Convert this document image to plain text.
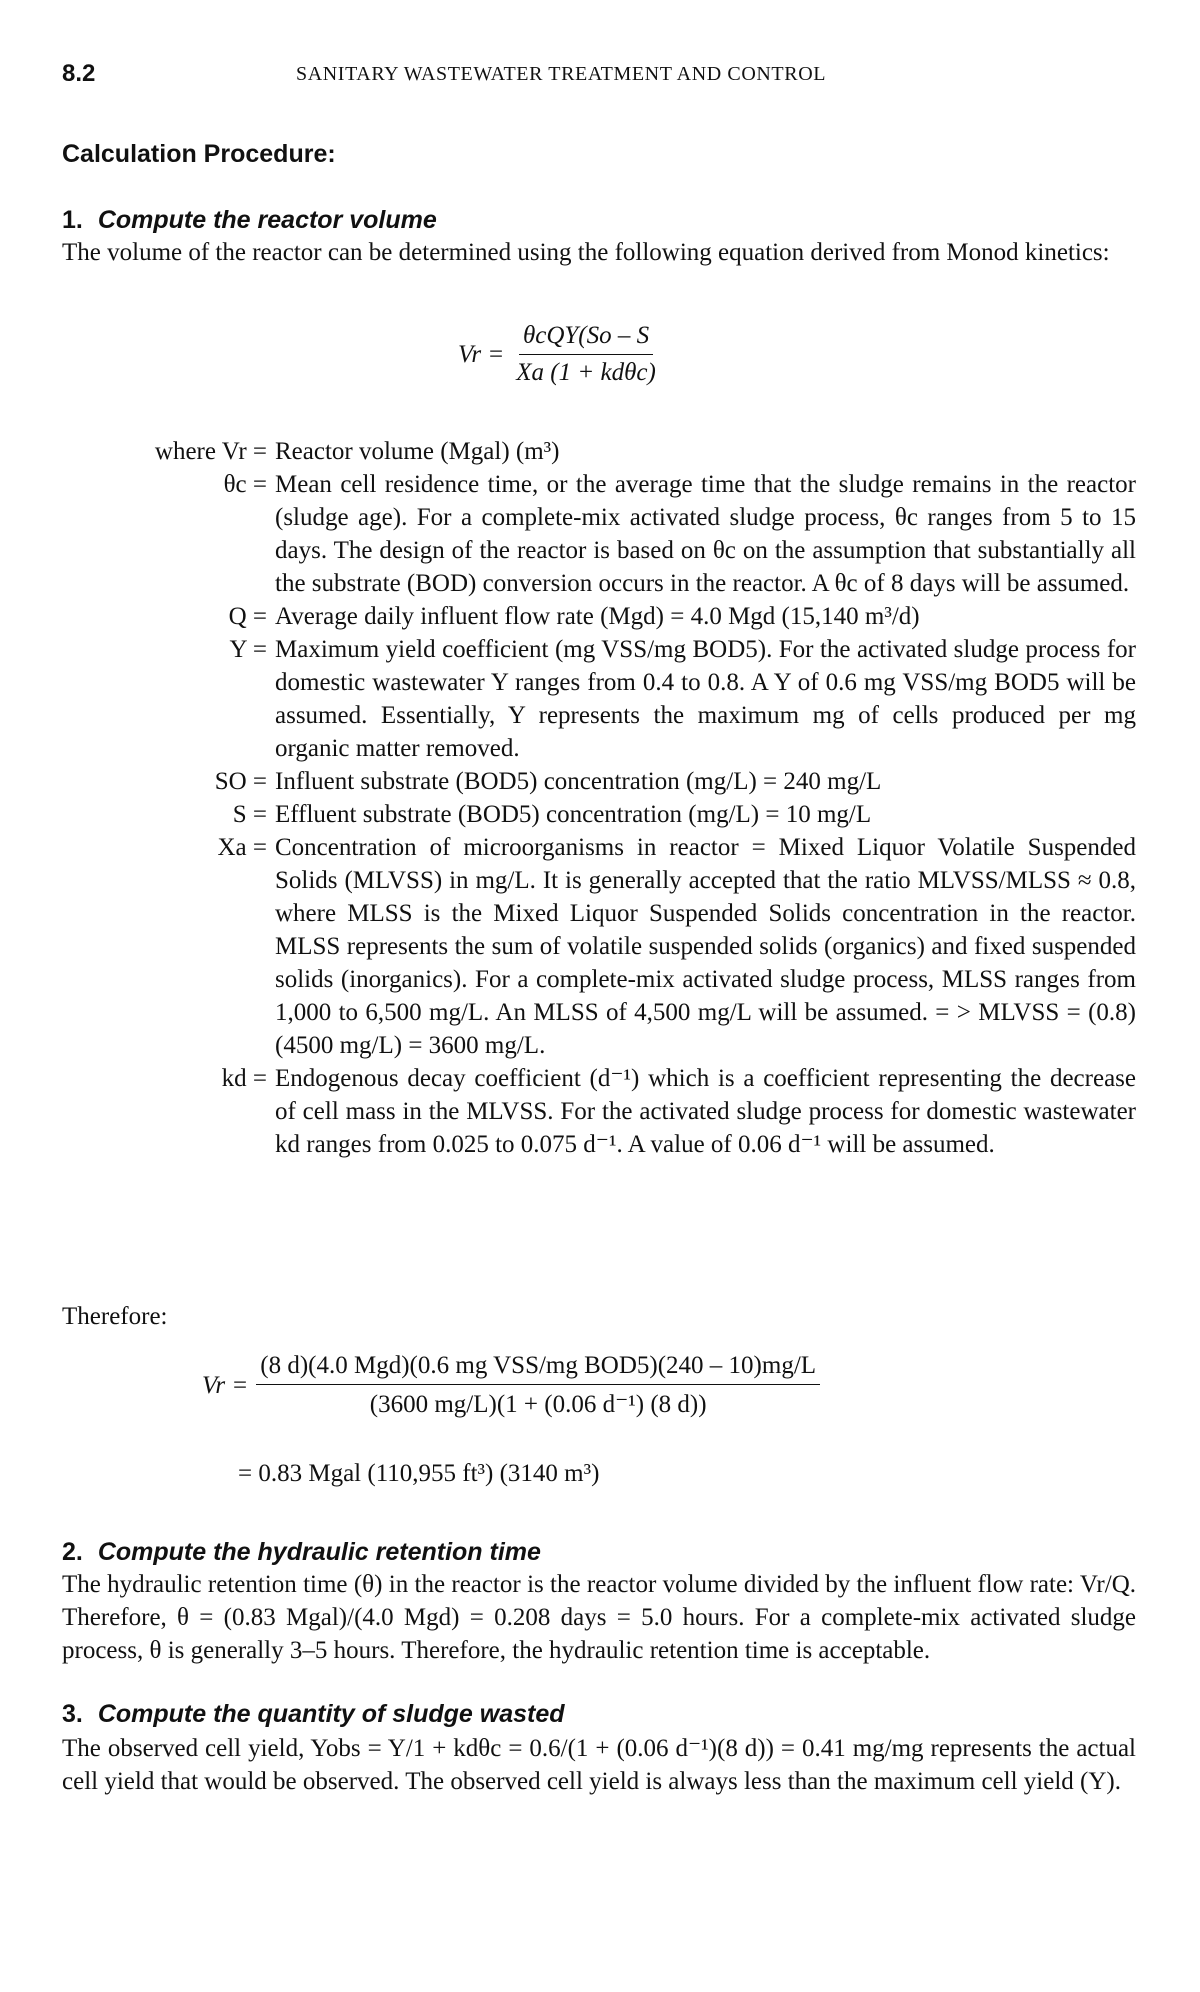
8.2	SANITARY WASTEWATER TREATMENT AND CONTROL
Calculation Procedure:
1. Compute the reactor volume

The volume of the reactor can be determined using the following equation derived from Monod kinetics:

$Vr = \frac{\text{θcQY(So – S}}{\text{Xa (1 + kdθc)}}$
where Vr = Reactor volume (Mgal) (m³)
θc = Mean cell residence time, or the average time that the sludge remains in the reactor (sludge age). For a complete-mix activated sludge process, θc ranges from 5 to 15 days. The design of the reactor is based on θc on the assumption that substantially all the substrate (BOD) conversion occurs in the reactor. A θc of 8 days will be assumed.
Q = Average daily influent flow rate (Mgd) = 4.0 Mgd (15,140 m³/d)
Y = Maximum yield coefficient (mg VSS/mg BOD5). For the activated sludge process for domestic wastewater Y ranges from 0.4 to 0.8. A Y of 0.6 mg VSS/mg BOD5 will be assumed. Essentially, Y represents the maximum mg of cells produced per mg organic matter removed.
SO = Influent substrate (BOD5) concentration (mg/L) = 240 mg/L
S = Effluent substrate (BOD5) concentration (mg/L) = 10 mg/L
Xa = Concentration of microorganisms in reactor = Mixed Liquor Volatile Suspended Solids (MLVSS) in mg/L. It is generally accepted that the ratio MLVSS/MLSS ≈ 0.8, where MLSS is the Mixed Liquor Suspended Solids concentration in the reactor. MLSS represents the sum of volatile suspended solids (organics) and fixed suspended solids (inorganics). For a complete-mix activated sludge process, MLSS ranges from 1,000 to 6,500 mg/L. An MLSS of 4,500 mg/L will be assumed. = > MLVSS = (0.8)(4500 mg/L) = 3600 mg/L.
kd = Endogenous decay coefficient (d⁻¹) which is a coefficient representing the decrease of cell mass in the MLVSS. For the activated sludge process for domestic wastewater kd ranges from 0.025 to 0.075 d⁻¹. A value of 0.06 d⁻¹ will be assumed.
Therefore:
$Vr = \frac{\text{(8 d)(4.0 Mgd)(0.6 mg VSS/mg BOD5)(240 – 10)mg/L}}{\text{(3600 mg/L)(1 + (0.06 d⁻¹) (8 d))}}$
= 0.83 Mgal (110,955 ft³) (3140 m³)
2. Compute the hydraulic retention time

The hydraulic retention time (θ) in the reactor is the reactor volume divided by the influent flow rate: Vr/Q. Therefore, θ = (0.83 Mgal)/(4.0 Mgd) = 0.208 days = 5.0 hours. For a complete-mix activated sludge process, θ is generally 3–5 hours. Therefore, the hydraulic retention time is acceptable.

3. Compute the quantity of sludge wasted

The observed cell yield, Yobs = Y/1 + kdθc = 0.6/(1 + (0.06 d⁻¹)(8 d)) = 0.41 mg/mg represents the actual cell yield that would be observed. The observed cell yield is always less than the maximum cell yield (Y).
